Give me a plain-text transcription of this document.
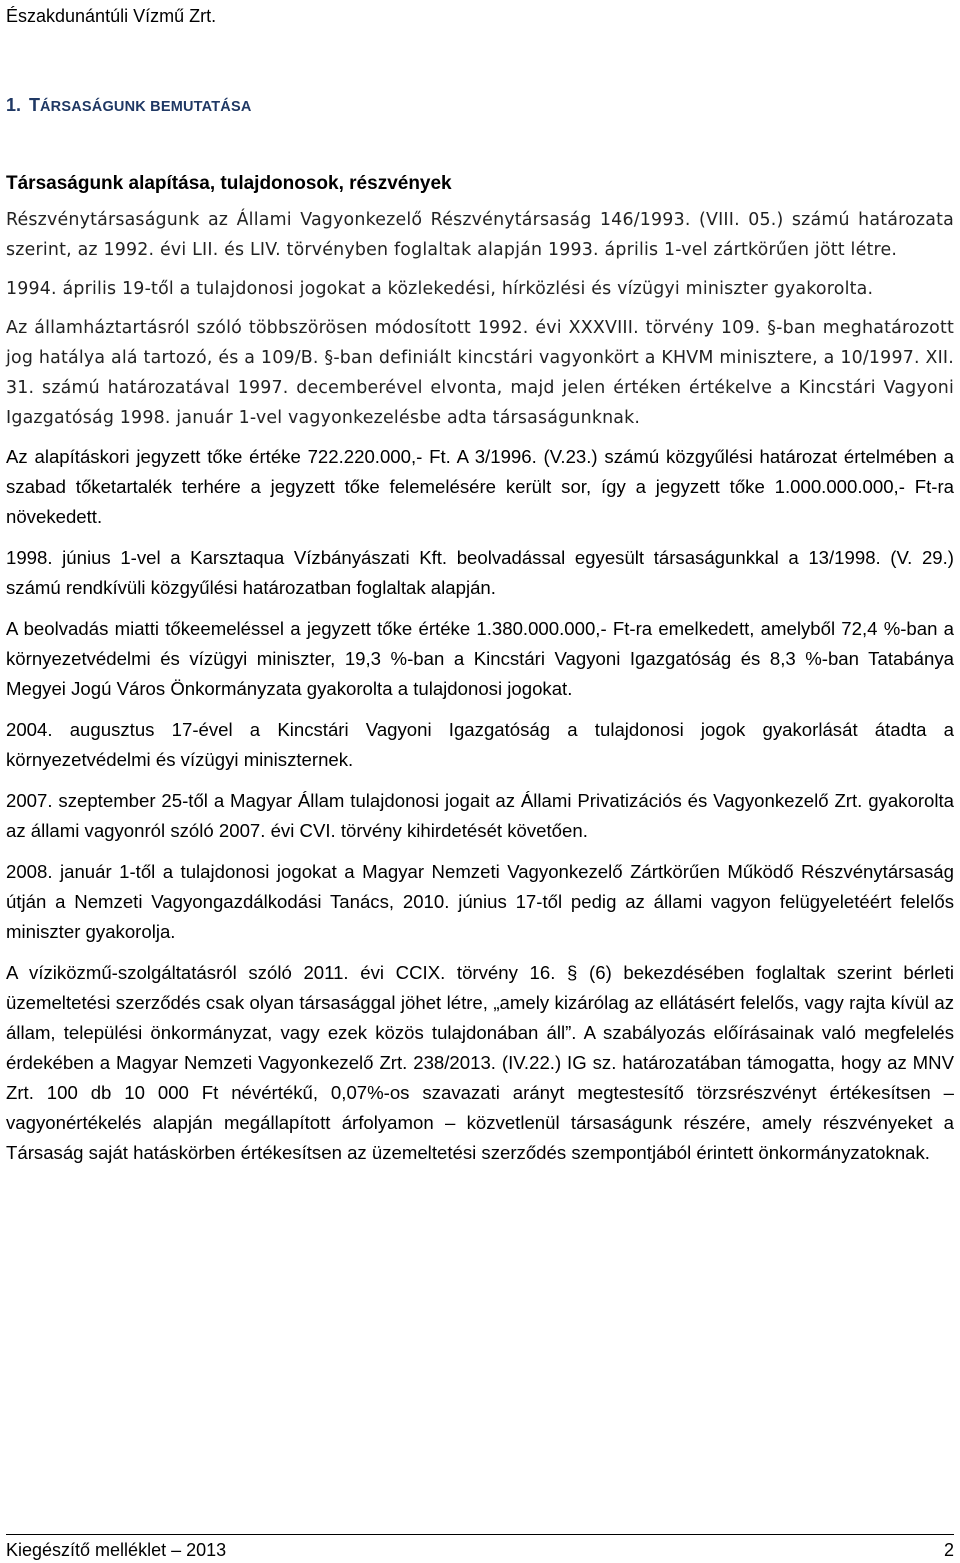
Északdunántúli Vízmű Zrt.
1. TÁRSASÁGUNK BEMUTATÁSA
Társaságunk alapítása, tulajdonosok, részvények

Részvénytársaságunk az Állami Vagyonkezelő Részvénytársaság 146/1993. (VIII. 05.) számú határozata szerint, az 1992. évi LII. és LIV. törvényben foglaltak alapján 1993. április 1-vel zártkörűen jött létre.

1994. április 19-től a tulajdonosi jogokat a közlekedési, hírközlési és vízügyi miniszter gyakorolta.

Az államháztartásról szóló többszörösen módosított 1992. évi XXXVIII. törvény 109. §-ban meghatározott jog hatálya alá tartozó, és a 109/B. §-ban definiált kincstári vagyonkört a KHVM minisztere, a 10/1997. XII. 31. számú határozatával 1997. decemberével elvonta, majd jelen értéken értékelve a Kincstári Vagyoni Igazgatóság 1998. január 1-vel vagyonkezelésbe adta társaságunknak.

Az alapításkori jegyzett tőke értéke 722.220.000,- Ft. A 3/1996. (V.23.) számú közgyűlési határozat értelmében a szabad tőketartalék terhére a jegyzett tőke felemelésére került sor, így a jegyzett tőke 1.000.000.000,- Ft-ra növekedett.

1998. június 1-vel a Karsztaqua Vízbányászati Kft. beolvadással egyesült társaságunkkal a 13/1998. (V. 29.) számú rendkívüli közgyűlési határozatban foglaltak alapján.

A beolvadás miatti tőkeemeléssel a jegyzett tőke értéke 1.380.000.000,- Ft-ra emelkedett, amelyből 72,4 %-ban a környezetvédelmi és vízügyi miniszter, 19,3 %-ban a Kincstári Vagyoni Igazgatóság és 8,3 %-ban Tatabánya Megyei Jogú Város Önkormányzata gyakorolta a tulajdonosi jogokat.

2004. augusztus 17-ével a Kincstári Vagyoni Igazgatóság a tulajdonosi jogok gyakorlását átadta a környezetvédelmi és vízügyi miniszternek.

2007. szeptember 25-től a Magyar Állam tulajdonosi jogait az Állami Privatizációs és Vagyonkezelő Zrt. gyakorolta az állami vagyonról szóló 2007. évi CVI. törvény kihirdetését követően.

2008. január 1-től a tulajdonosi jogokat a Magyar Nemzeti Vagyonkezelő Zártkörűen Működő Részvénytársaság útján a Nemzeti Vagyongazdálkodási Tanács, 2010. június 17-től pedig az állami vagyon felügyeletéért felelős miniszter gyakorolja.

A víziközmű-szolgáltatásról szóló 2011. évi CCIX. törvény 16. § (6) bekezdésében foglaltak szerint bérleti üzemeltetési szerződés csak olyan társasággal jöhet létre, „amely kizárólag az ellátásért felelős, vagy rajta kívül az állam, települési önkormányzat, vagy ezek közös tulajdonában áll”. A szabályozás előírásainak való megfelelés érdekében a Magyar Nemzeti Vagyonkezelő Zrt. 238/2013. (IV.22.) IG sz. határozatában támogatta, hogy az MNV Zrt. 100 db 10 000 Ft névértékű, 0,07%-os szavazati arányt megtestesítő törzsrészvényt értékesítsen – vagyonértékelés alapján megállapított árfolyamon – közvetlenül társaságunk részére, amely részvényeket a Társaság saját hatáskörben értékesítsen az üzemeltetési szerződés szempontjából érintett önkormányzatoknak.

Kiegészítő melléklet – 2013	2
